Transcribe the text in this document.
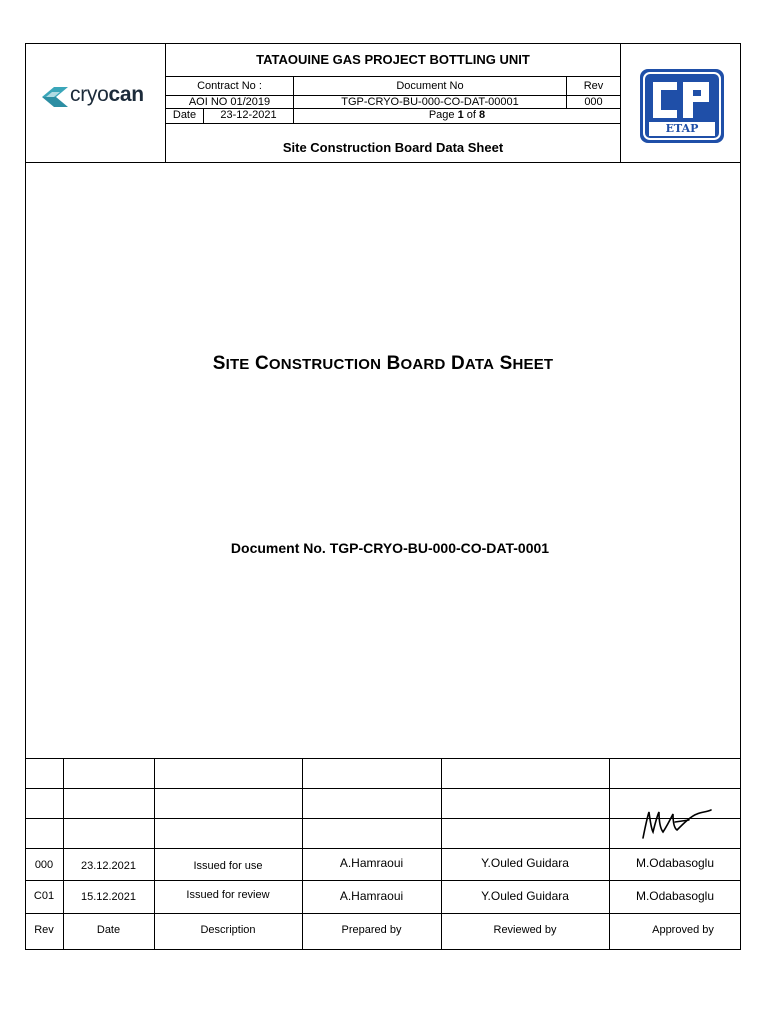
cryocan
ETAP
TATAOUINE GAS PROJECT BOTTLING UNIT
Contract No :	Document No	Rev
AOI NO 01/2019	TGP-CRYO-BU-000-CO-DAT-00001	000
Date	23-12-2021	Page 1 of 8
Site Construction Board Data Sheet
SITE CONSTRUCTION BOARD DATA SHEET
Document No. TGP-CRYO-BU-000-CO-DAT-0001
000	23.12.2021	Issued for use	A.Hamraoui	Y.Ouled Guidara	M.Odabasoglu
C01	15.12.2021	Issued for review	A.Hamraoui	Y.Ouled Guidara	M.Odabasoglu
Rev	Date	Description	Prepared by	Reviewed by	Approved by
